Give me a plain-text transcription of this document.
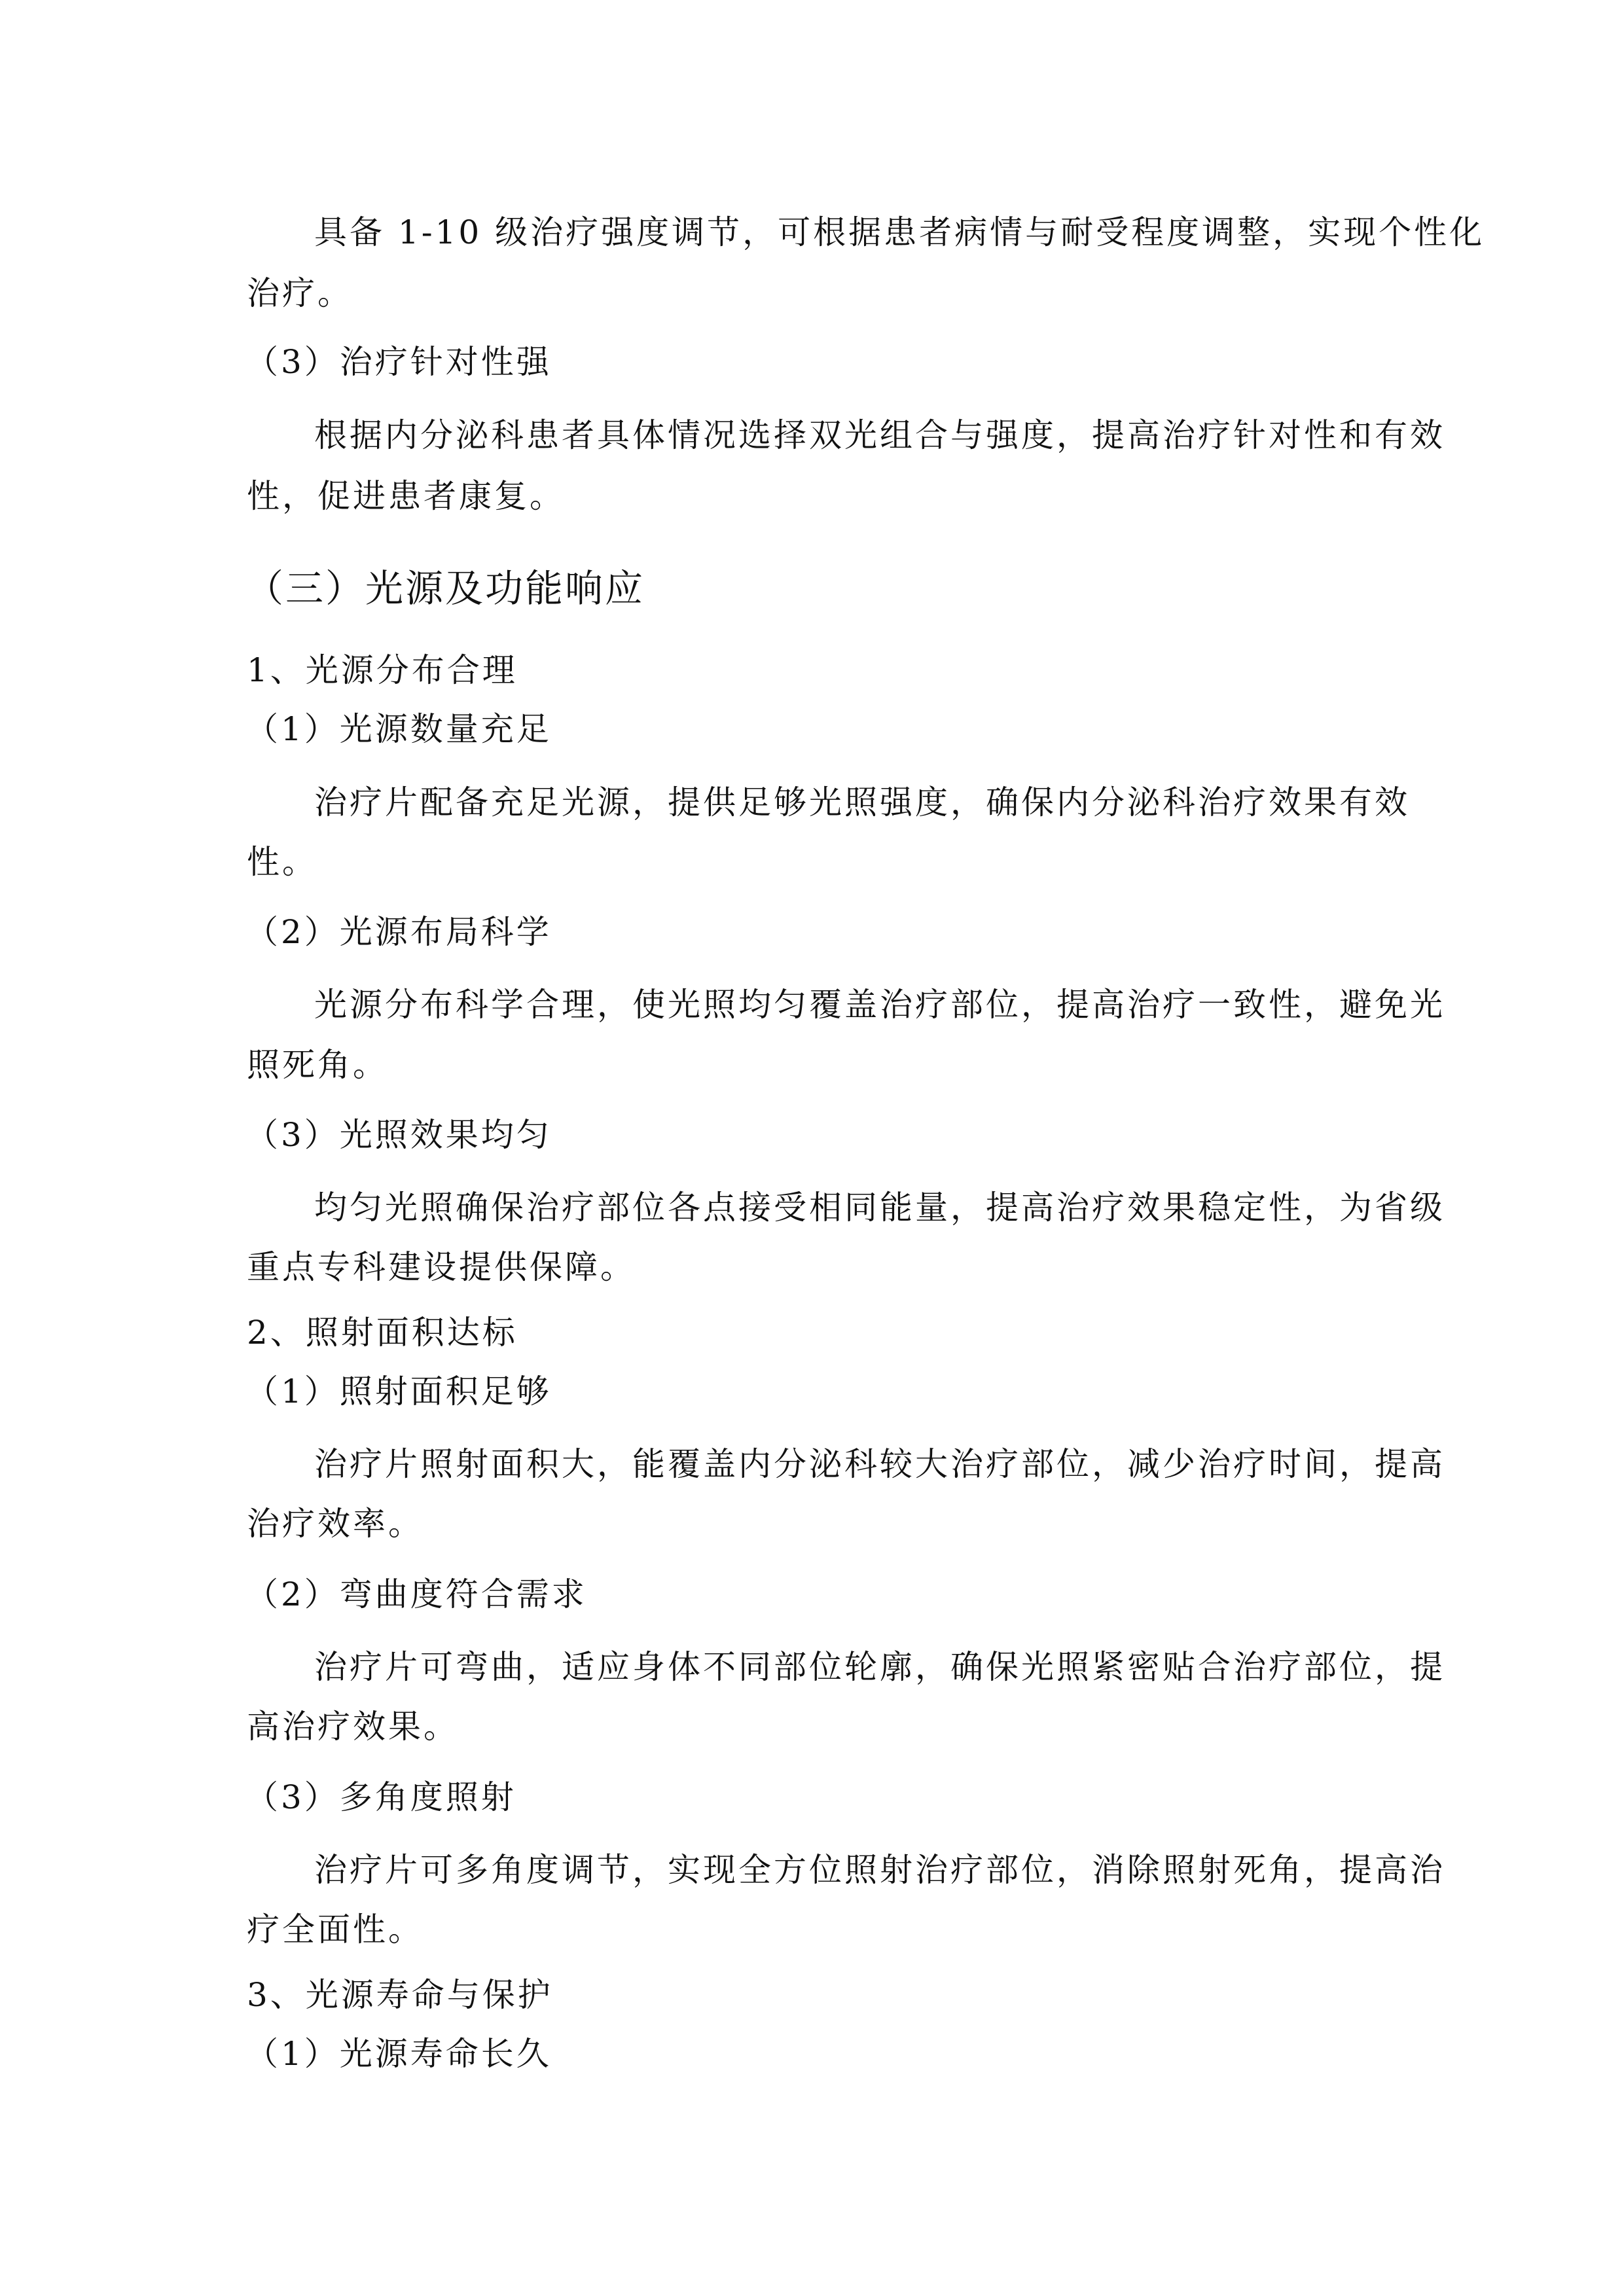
具备 1-10 级治疗强度调节，可根据患者病情与耐受程度调整，实现个性化
治疗。
（3）治疗针对性强
根据内分泌科患者具体情况选择双光组合与强度，提高治疗针对性和有效
性，促进患者康复。
（三）光源及功能响应
1、光源分布合理
（1）光源数量充足
治疗片配备充足光源，提供足够光照强度，确保内分泌科治疗效果有效
性。
（2）光源布局科学
光源分布科学合理，使光照均匀覆盖治疗部位，提高治疗一致性，避免光
照死角。
（3）光照效果均匀
均匀光照确保治疗部位各点接受相同能量，提高治疗效果稳定性，为省级
重点专科建设提供保障。
2、照射面积达标
（1）照射面积足够
治疗片照射面积大，能覆盖内分泌科较大治疗部位，减少治疗时间，提高
治疗效率。
（2）弯曲度符合需求
治疗片可弯曲，适应身体不同部位轮廓，确保光照紧密贴合治疗部位，提
高治疗效果。
（3）多角度照射
治疗片可多角度调节，实现全方位照射治疗部位，消除照射死角，提高治
疗全面性。
3、光源寿命与保护
（1）光源寿命长久
